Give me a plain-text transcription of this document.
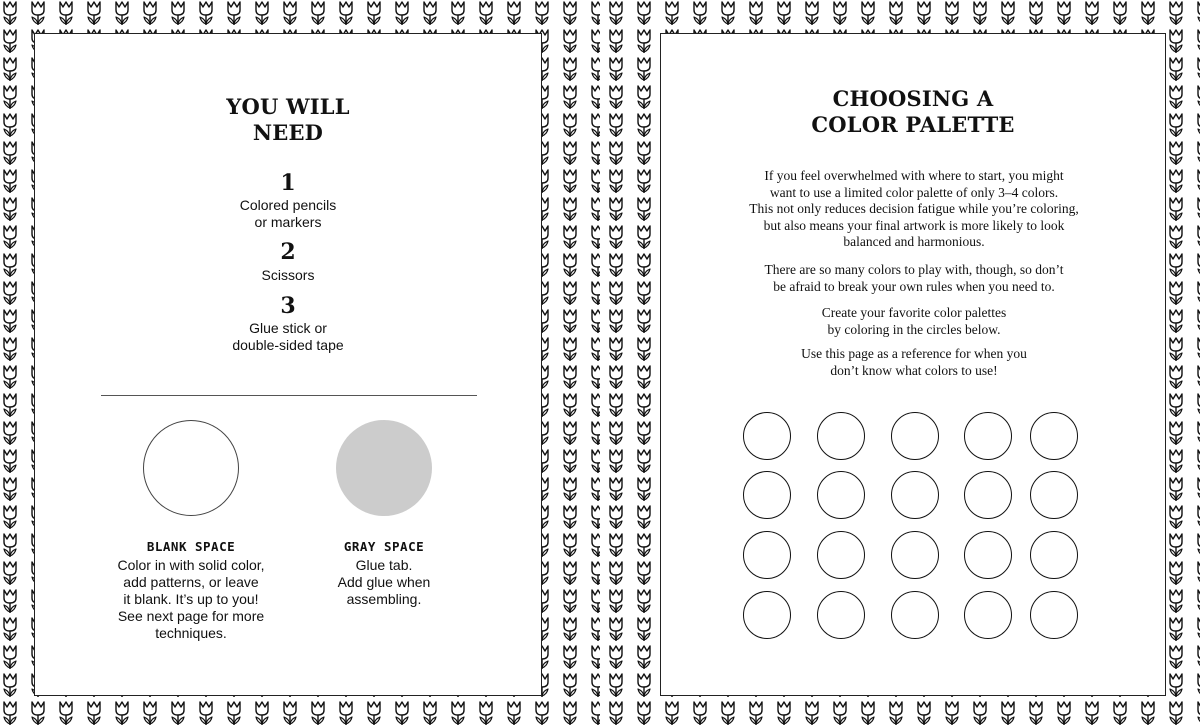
YOU WILL
NEED
1
Colored pencils
or markers
2
Scissors
3
Glue stick or
double-sided tape
BLANK SPACE
Color in with solid color,
add patterns, or leave
it blank. It’s up to you!
See next page for more
techniques.
GRAY SPACE
Glue tab.
Add glue when
assembling.
CHOOSING A
COLOR PALETTE
If you feel overwhelmed with where to start, you might
want to use a limited color palette of only 3–4 colors.
This not only reduces decision fatigue while you’re coloring,
but also means your final artwork is more likely to look
balanced and harmonious.
There are so many colors to play with, though, so don’t
be afraid to break your own rules when you need to.
Create your favorite color palettes
by coloring in the circles below.
Use this page as a reference for when you
don’t know what colors to use!
